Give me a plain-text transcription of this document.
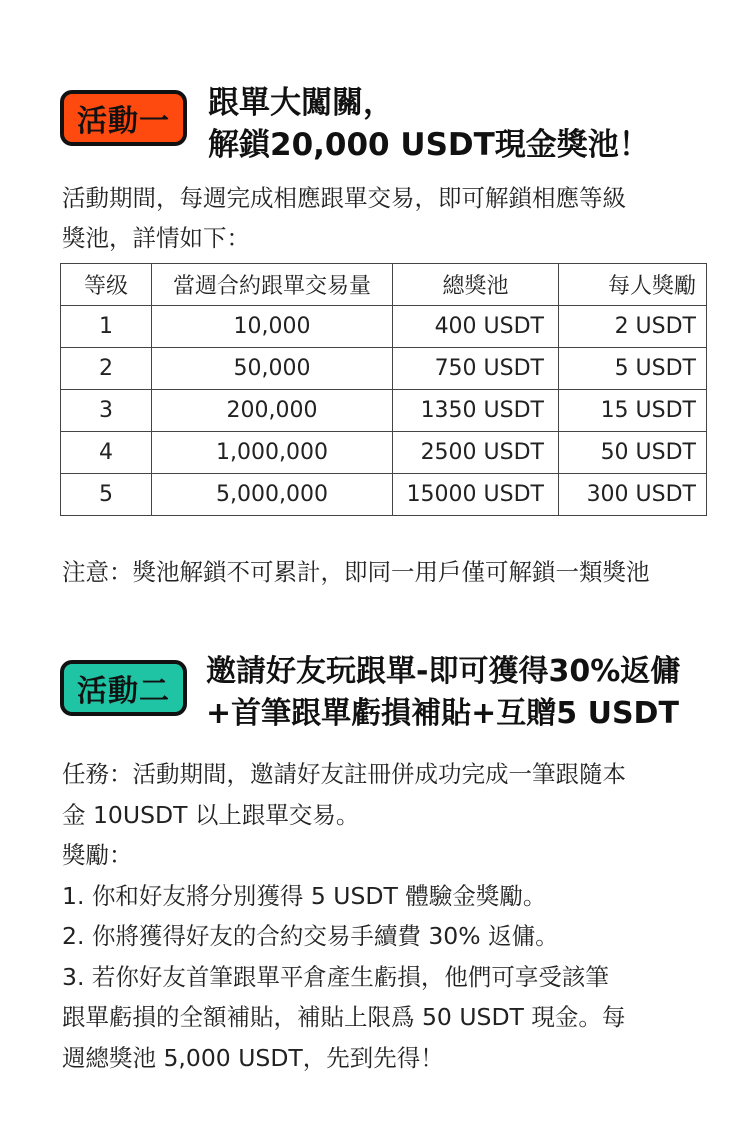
活動一
跟單大闖關，
解鎖20,000 USDT現金獎池！
活動期間，每週完成相應跟單交易，即可解鎖相應等級
獎池，詳情如下：
等级	當週合約跟單交易量	總獎池	每人獎勵
1	10,000	400 USDT	2 USDT
2	50,000	750 USDT	5 USDT
3	200,000	1350 USDT	15 USDT
4	1,000,000	2500 USDT	50 USDT
5	5,000,000	15000 USDT	300 USDT
注意：獎池解鎖不可累計，即同一用戶僅可解鎖一類獎池
活動二
邀請好友玩跟單-即可獲得30%返傭
+首筆跟單虧損補貼+互贈5 USDT
任務：活動期間，邀請好友註冊併成功完成一筆跟隨本
金 10USDT 以上跟單交易。
獎勵：
1. 你和好友將分別獲得 5 USDT 體驗金獎勵。
2. 你將獲得好友的合約交易手續費 30% 返傭。
3. 若你好友首筆跟單平倉產生虧損，他們可享受該筆
跟單虧損的全額補貼，補貼上限爲 50 USDT 現金。每
週總獎池 5,000 USDT，先到先得！
